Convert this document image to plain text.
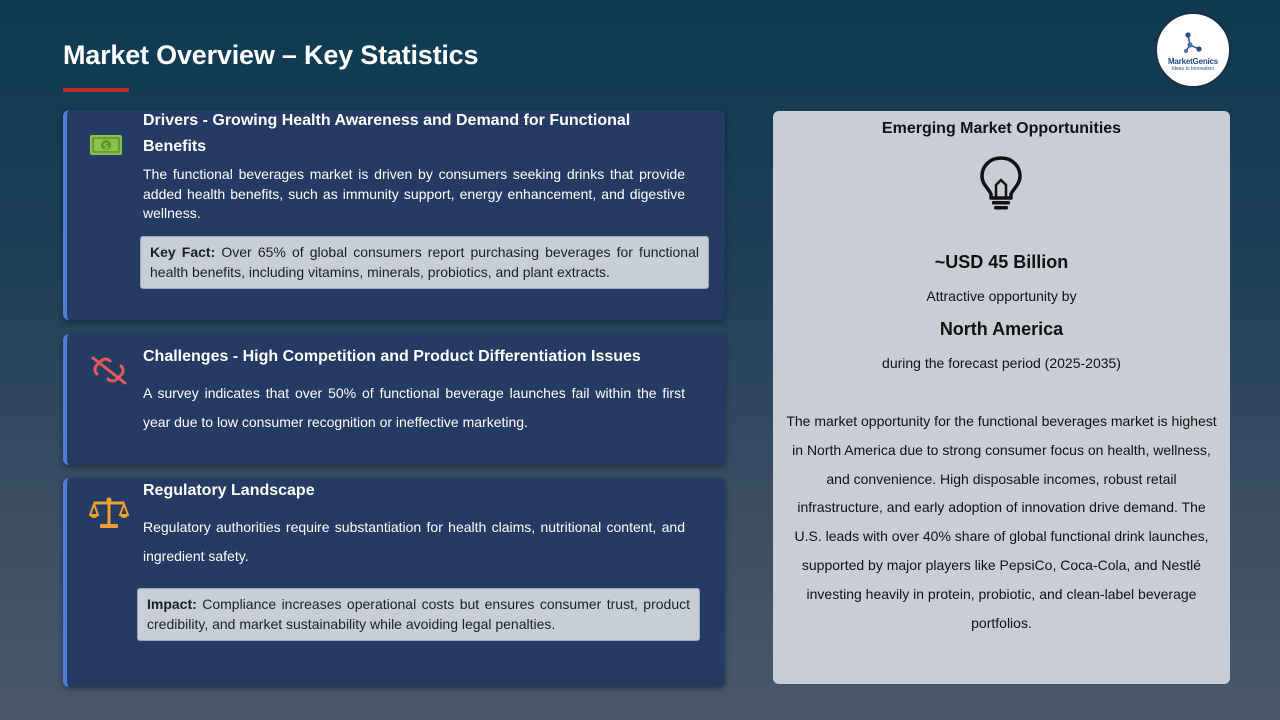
Market Overview – Key Statistics	MarketGenics
Ideas to Innovation
$
Drivers - Growing Health Awareness and Demand for Functional Benefits
The functional beverages market is driven by consumers seeking drinks that provide added health benefits, such as immunity support, energy enhancement, and digestive wellness.
Key Fact: Over 65% of global consumers report purchasing beverages for functional health benefits, including vitamins, minerals, probiotics, and plant extracts.
Challenges - High Competition and Product Differentiation Issues
A survey indicates that over 50% of functional beverage launches fail within the first year due to low consumer recognition or ineffective marketing.
Regulatory Landscape
Regulatory authorities require substantiation for health claims, nutritional content, and ingredient safety.
Impact: Compliance increases operational costs but ensures consumer trust, product credibility, and market sustainability while avoiding legal penalties.
Emerging Market Opportunities
~USD 45 Billion
Attractive opportunity by
North America
during the forecast period (2025-2035)
The market opportunity for the functional beverages market is highest in North America due to strong consumer focus on health, wellness, and convenience. High disposable incomes, robust retail infrastructure, and early adoption of innovation drive demand. The U.S. leads with over 40% share of global functional drink launches, supported by major players like PepsiCo, Coca-Cola, and Nestlé investing heavily in protein, probiotic, and clean-label beverage portfolios.
